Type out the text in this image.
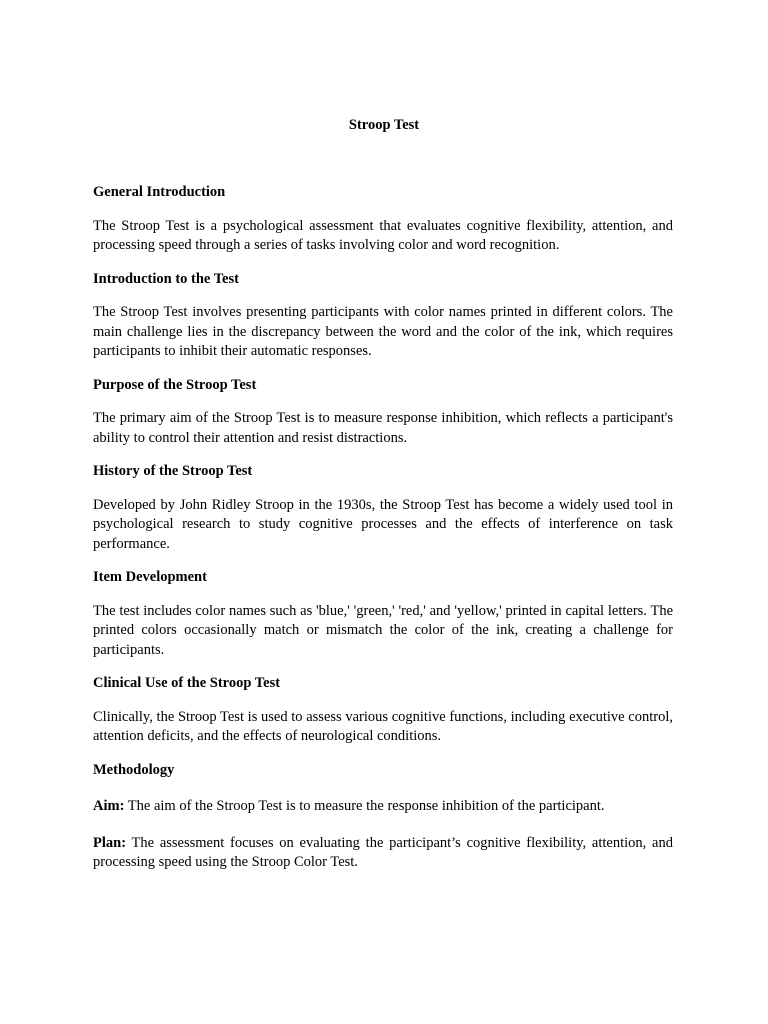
Stroop Test
General Introduction
The Stroop Test is a psychological assessment that evaluates cognitive flexibility, attention, and processing speed through a series of tasks involving color and word recognition.
Introduction to the Test
The Stroop Test involves presenting participants with color names printed in different colors. The main challenge lies in the discrepancy between the word and the color of the ink, which requires participants to inhibit their automatic responses.
Purpose of the Stroop Test
The primary aim of the Stroop Test is to measure response inhibition, which reflects a participant's ability to control their attention and resist distractions.
History of the Stroop Test
Developed by John Ridley Stroop in the 1930s, the Stroop Test has become a widely used tool in psychological research to study cognitive processes and the effects of interference on task performance.
Item Development
The test includes color names such as 'blue,' 'green,' 'red,' and 'yellow,' printed in capital letters. The printed colors occasionally match or mismatch the color of the ink, creating a challenge for participants.
Clinical Use of the Stroop Test
Clinically, the Stroop Test is used to assess various cognitive functions, including executive control, attention deficits, and the effects of neurological conditions.
Methodology
Aim: The aim of the Stroop Test is to measure the response inhibition of the participant.
Plan: The assessment focuses on evaluating the participant’s cognitive flexibility, attention, and processing speed using the Stroop Color Test.
